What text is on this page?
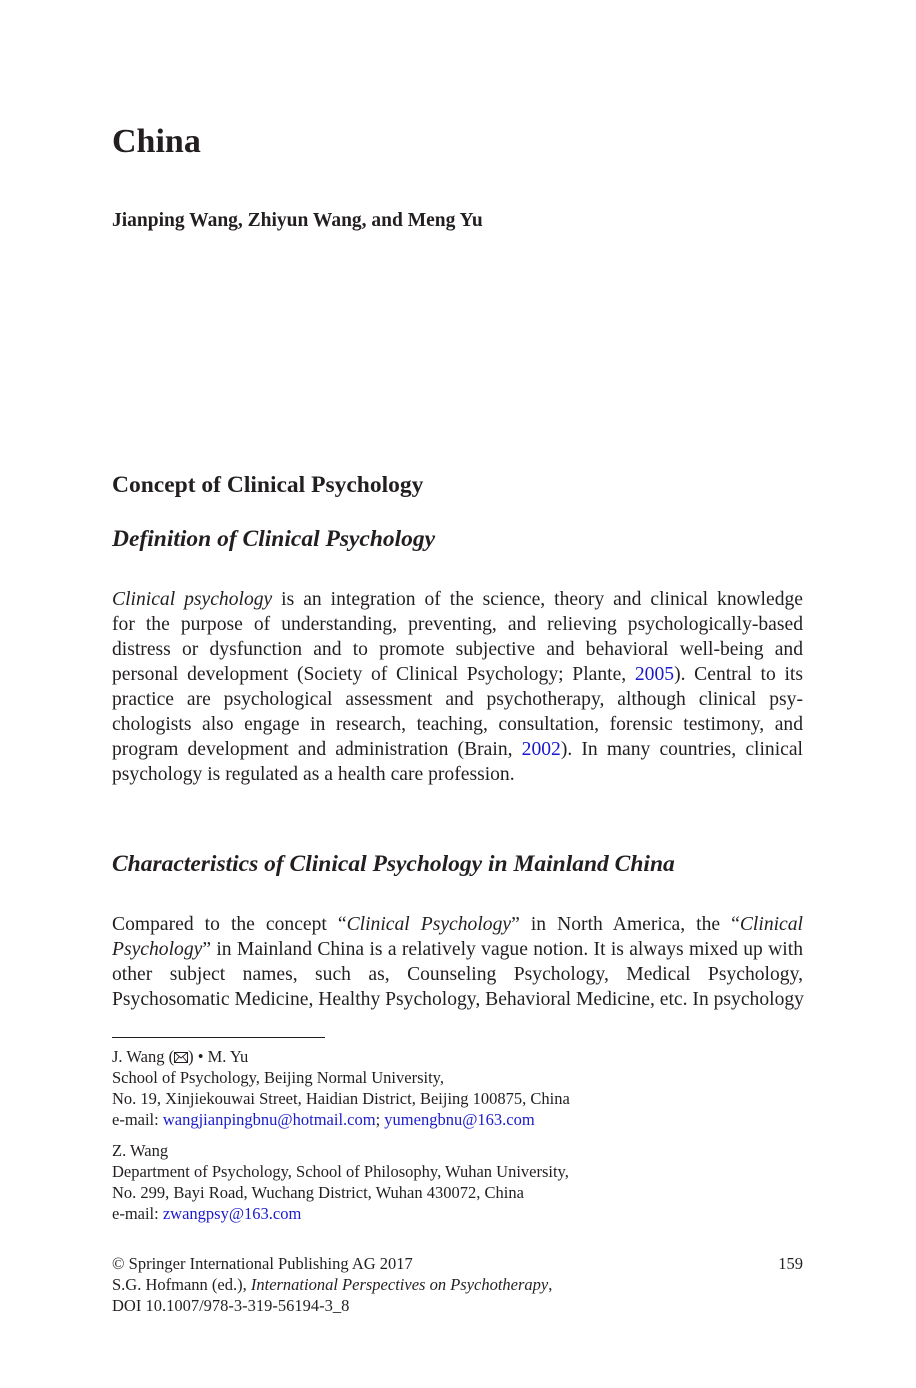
China

Jianping Wang, Zhiyun Wang, and Meng Yu

Concept of Clinical Psychology
Definition of Clinical Psychology
Clinical psychology is an integration of the science, theory and clinical knowledge
for the purpose of understanding, preventing, and relieving psychologically-based
distress or dysfunction and to promote subjective and behavioral well-being and
personal development (Society of Clinical Psychology; Plante, 2005). Central to its
practice are psychological assessment and psychotherapy, although clinical psy-
chologists also engage in research, teaching, consultation, forensic testimony, and
program development and administration (Brain, 2002). In many countries, clinical
psychology is regulated as a health care profession.
Characteristics of Clinical Psychology in Mainland China
Compared to the concept “Clinical Psychology” in North America, the “Clinical
Psychology” in Mainland China is a relatively vague notion. It is always mixed up with
other subject names, such as, Counseling Psychology, Medical Psychology,
Psychosomatic Medicine, Healthy Psychology, Behavioral Medicine, etc. In psychology
J. Wang ( ) • M. Yu
School of Psychology, Beijing Normal University,
No. 19, Xinjiekouwai Street, Haidian District, Beijing 100875, China
e-mail: wangjianpingbnu@hotmail.com; yumengbnu@163.com
Z. Wang
Department of Psychology, School of Philosophy, Wuhan University,
No. 299, Bayi Road, Wuchang District, Wuhan 430072, China
e-mail: zwangpsy@163.com
© Springer International Publishing AG 2017
S.G. Hofmann (ed.), International Perspectives on Psychotherapy,
DOI 10.1007/978-3-319-56194-3_8
159
